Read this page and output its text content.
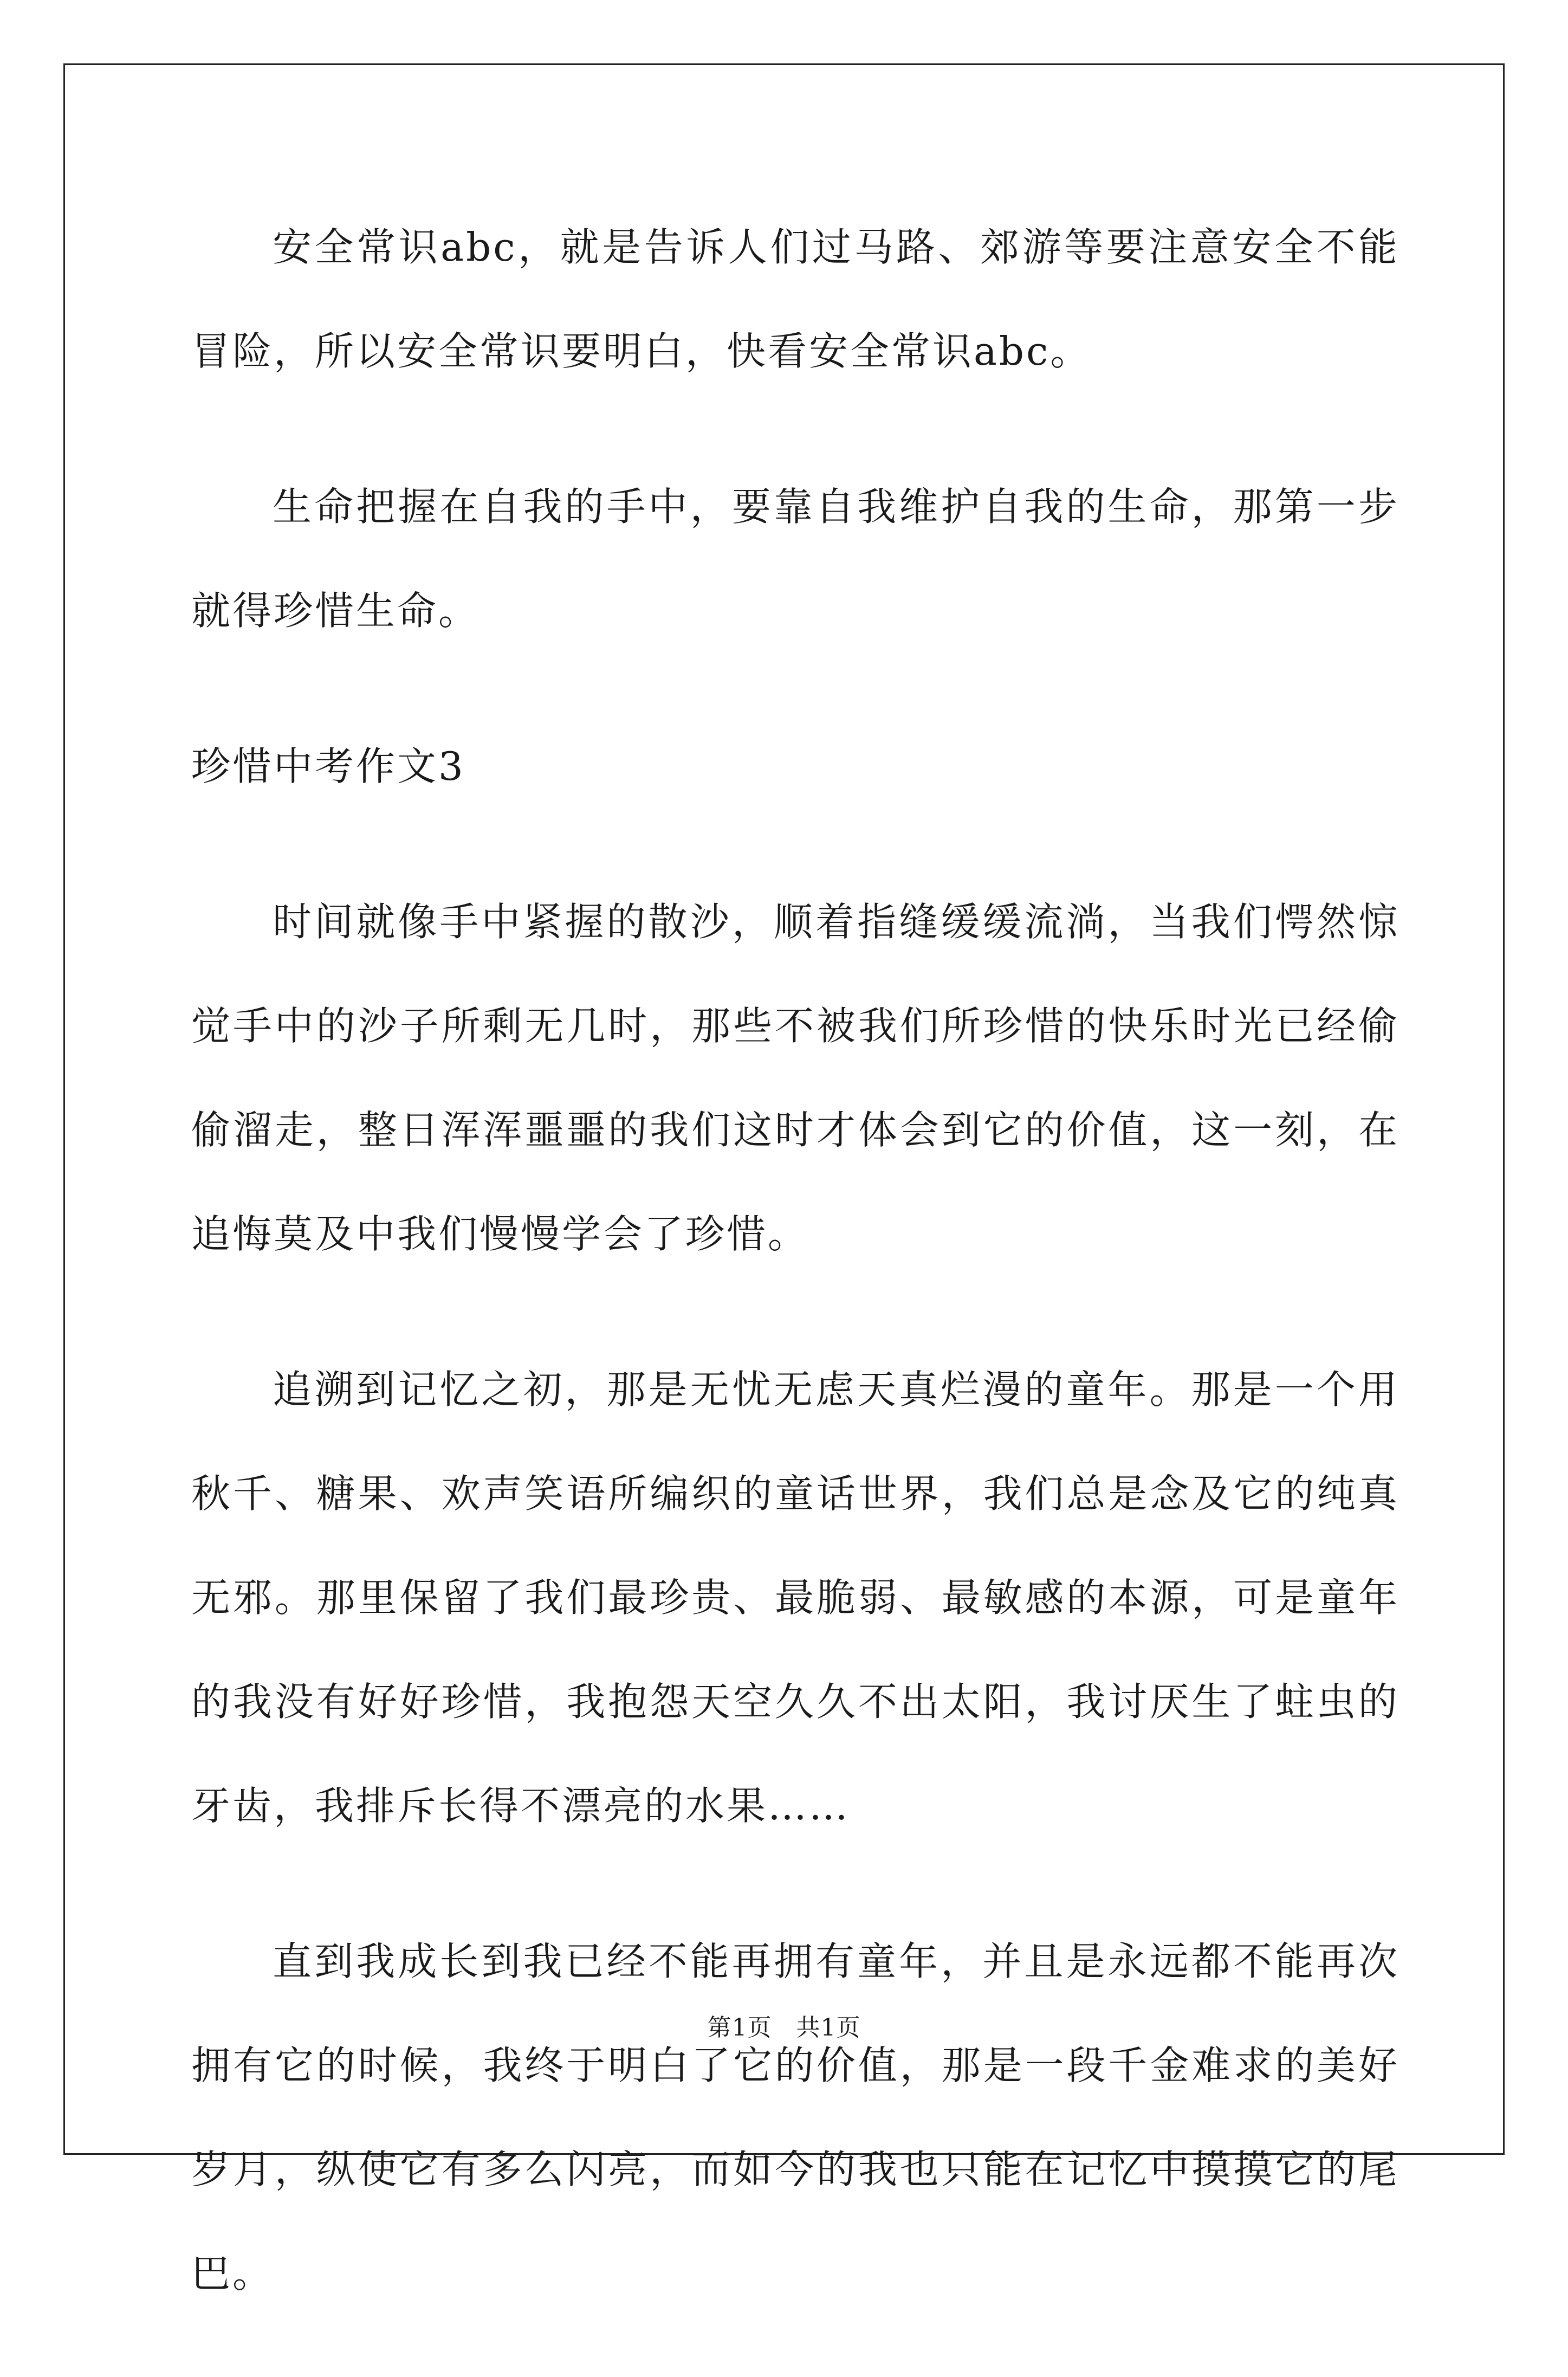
安全常识abc，就是告诉人们过马路、郊游等要注意安全不能冒险，所以安全常识要明白，快看安全常识abc。

生命把握在自我的手中，要靠自我维护自我的生命，那第一步就得珍惜生命。

珍惜中考作文3

时间就像手中紧握的散沙，顺着指缝缓缓流淌，当我们愕然惊觉手中的沙子所剩无几时，那些不被我们所珍惜的快乐时光已经偷偷溜走，整日浑浑噩噩的我们这时才体会到它的价值，这一刻，在追悔莫及中我们慢慢学会了珍惜。

追溯到记忆之初，那是无忧无虑天真烂漫的童年。那是一个用秋千、糖果、欢声笑语所编织的童话世界，我们总是念及它的纯真无邪。那里保留了我们最珍贵、最脆弱、最敏感的本源，可是童年的我没有好好珍惜，我抱怨天空久久不出太阳，我讨厌生了蛀虫的牙齿，我排斥长得不漂亮的水果……

直到我成长到我已经不能再拥有童年，并且是永远都不能再次拥有它的时候，我终于明白了它的价值，那是一段千金难求的美好岁月，纵使它有多么闪亮，而如今的我也只能在记忆中摸摸它的尾巴。

第1页　共1页
